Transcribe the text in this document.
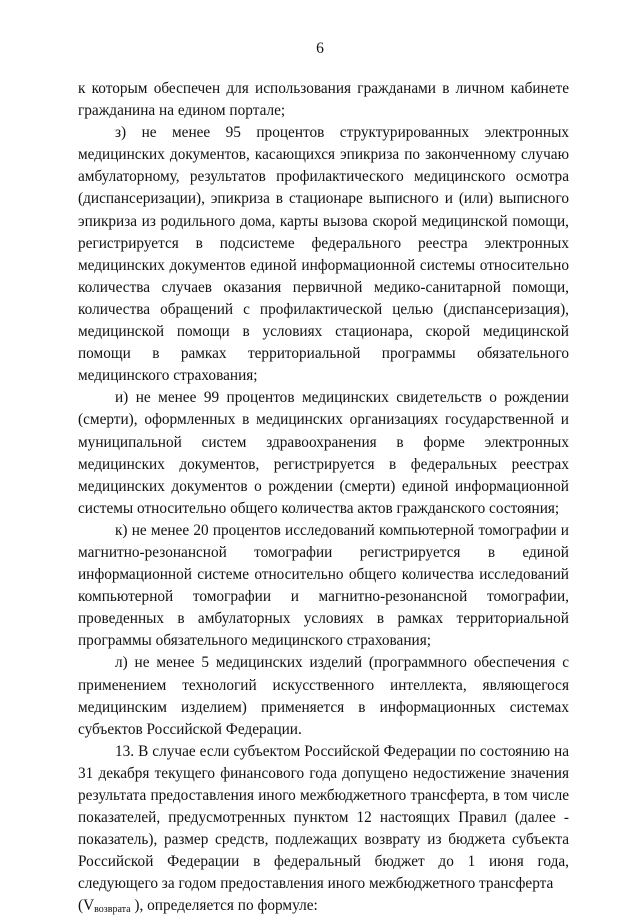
6

к которым обеспечен для использования гражданами в личном кабинете гражданина на едином портале;

з) не менее 95 процентов структурированных электронных медицинских документов, касающихся эпикриза по законченному случаю амбулаторному, результатов профилактического медицинского осмотра (диспансеризации), эпикриза в стационаре выписного и (или) выписного эпикриза из родильного дома, карты вызова скорой медицинской помощи, регистрируется в подсистеме федерального реестра электронных медицинских документов единой информационной системы относительно количества случаев оказания первичной медико-санитарной помощи, количества обращений с профилактической целью (диспансеризация), медицинской помощи в условиях стационара, скорой медицинской помощи в рамках территориальной программы обязательного медицинского страхования;

и) не менее 99 процентов медицинских свидетельств о рождении (смерти), оформленных в медицинских организациях государственной и муниципальной систем здравоохранения в форме электронных медицинских документов, регистрируется в федеральных реестрах медицинских документов о рождении (смерти) единой информационной системы относительно общего количества актов гражданского состояния;

к) не менее 20 процентов исследований компьютерной томографии и магнитно-резонансной томографии регистрируется в единой информационной системе относительно общего количества исследований компьютерной томографии и магнитно-резонансной томографии, проведенных в амбулаторных условиях в рамках территориальной программы обязательного медицинского страхования;

л) не менее 5 медицинских изделий (программного обеспечения с применением технологий искусственного интеллекта, являющегося медицинским изделием) применяется в информационных системах субъектов Российской Федерации.

13. В случае если субъектом Российской Федерации по состоянию на 31 декабря текущего финансового года допущено недостижение значения результата предоставления иного межбюджетного трансферта, в том числе показателей, предусмотренных пунктом 12 настоящих Правил (далее - показатель), размер средств, подлежащих возврату из бюджета субъекта Российской Федерации в федеральный бюджет до 1 июня года, следующего за годом предоставления иного межбюджетного трансферта

($V_{возврата}$ ), определяется по формуле:
